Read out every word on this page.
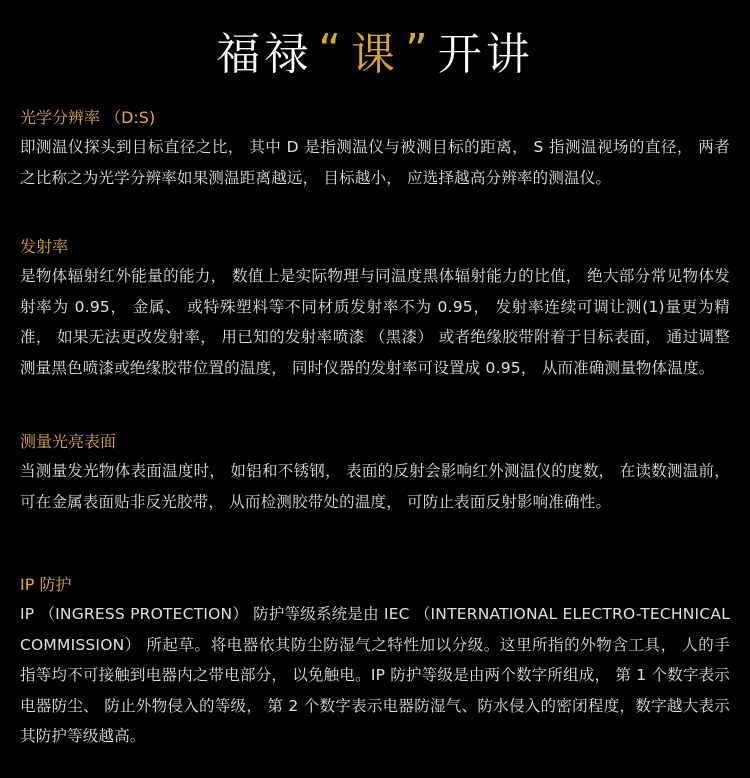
福禄 “ 课 ” 开讲
光学分辨率 （D:S)

即测温仪探头到目标直径之比， 其中 D 是指测温仪与被测目标的距离， S 指测温视场的直径， 两者之比称之为光学分辨率如果测温距离越远， 目标越小， 应选择越高分辨率的测温仪。

发射率

是物体辐射红外能量的能力， 数值上是实际物理与同温度黑体辐射能力的比值， 绝大部分常见物体发射率为 0.95， 金属、 或特殊塑料等不同材质发射率不为 0.95， 发射率连续可调让测(1)量更为精准， 如果无法更改发射率， 用已知的发射率喷漆 （黑漆） 或者绝缘胶带附着于目标表面， 通过调整测量黑色喷漆或绝缘胶带位置的温度， 同时仪器的发射率可设置成 0.95， 从而准确测量物体温度。

测量光亮表面

当测量发光物体表面温度时， 如铝和不锈钢， 表面的反射会影响红外测温仪的度数， 在读数测温前， 可在金属表面贴非反光胶带， 从而检测胶带处的温度， 可防止表面反射影响准确性。

IP 防护

IP （INGRESS PROTECTION） 防护等级系统是由 IEC （INTERNATIONAL ELECTRO-TECHNICAL COMMISSION） 所起草。将电器依其防尘防湿气之特性加以分级。这里所指的外物含工具， 人的手指等均不可接触到电器内之带电部分， 以免触电。IP 防护等级是由两个数字所组成， 第 1 个数字表示电器防尘、 防止外物侵入的等级， 第 2 个数字表示电器防湿气、防水侵入的密闭程度，数字越大表示其防护等级越高。
